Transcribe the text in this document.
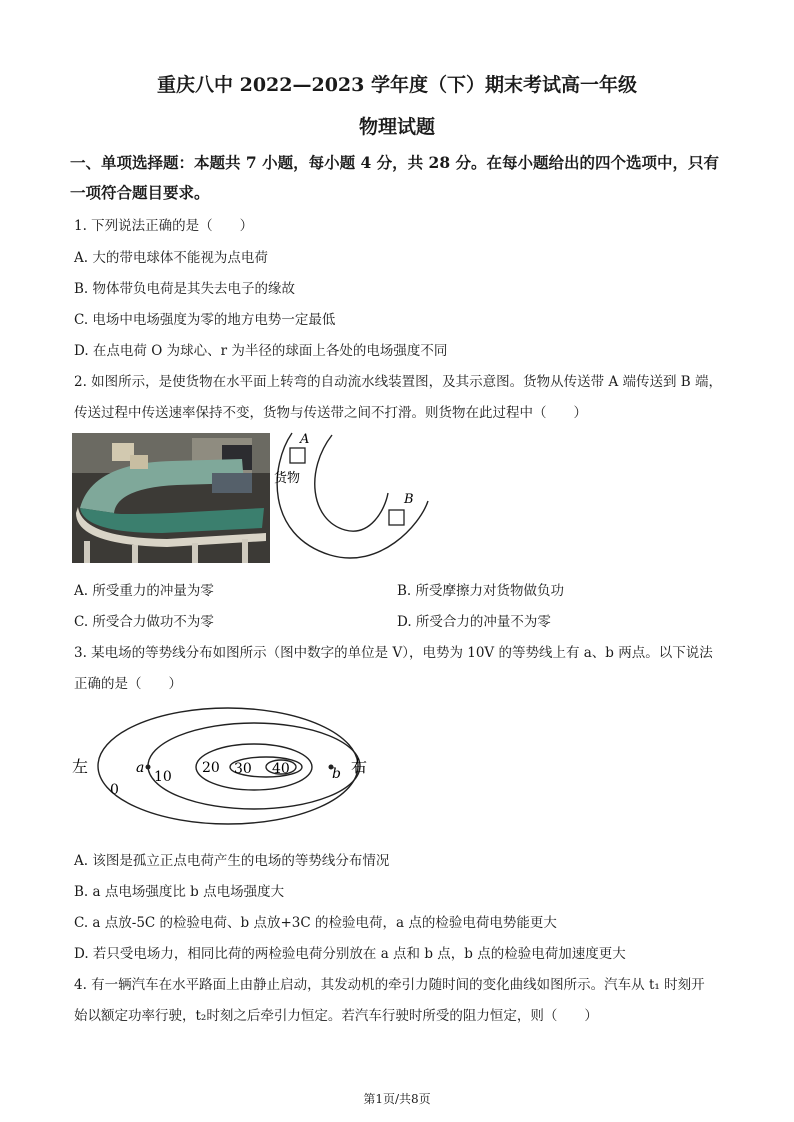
重庆八中 2022—2023 学年度（下）期末考试高一年级
物理试题
一、单项选择题：本题共 7 小题，每小题 4 分，共 28 分。在每小题给出的四个选项中，只有
一项符合题目要求。
1. 下列说法正确的是（　　）
A. 大的带电球体不能视为点电荷
B. 物体带负电荷是其失去电子的缘故
C. 电场中电场强度为零的地方电势一定最低
D. 在点电荷 O 为球心、r 为半径的球面上各处的电场强度不同
2. 如图所示，是使货物在水平面上转弯的自动流水线装置图，及其示意图。货物从传送带 A 端传送到 B 端，
传送过程中传送速率保持不变，货物与传送带之间不打滑。则货物在此过程中（　　）
A
B
货物
A. 所受重力的冲量为零	B. 所受摩擦力对货物做负功
C. 所受合力做功不为零	D. 所受合力的冲量不为零
3. 某电场的等势线分布如图所示（图中数字的单位是 V），电势为 10V 的等势线上有 a、b 两点。以下说法
正确的是（　　）
左	右
a	b
0
10
20 30 40
A. 该图是孤立正点电荷产生的电场的等势线分布情况
B. a 点电场强度比 b 点电场强度大
C. a 点放-5C 的检验电荷、b 点放+3C 的检验电荷，a 点的检验电荷电势能更大
D. 若只受电场力，相同比荷的两检验电荷分别放在 a 点和 b 点，b 点的检验电荷加速度更大
4. 有一辆汽车在水平路面上由静止启动，其发动机的牵引力随时间的变化曲线如图所示。汽车从 t₁ 时刻开
始以额定功率行驶，t₂时刻之后牵引力恒定。若汽车行驶时所受的阻力恒定，则（　　）
第1页/共8页
